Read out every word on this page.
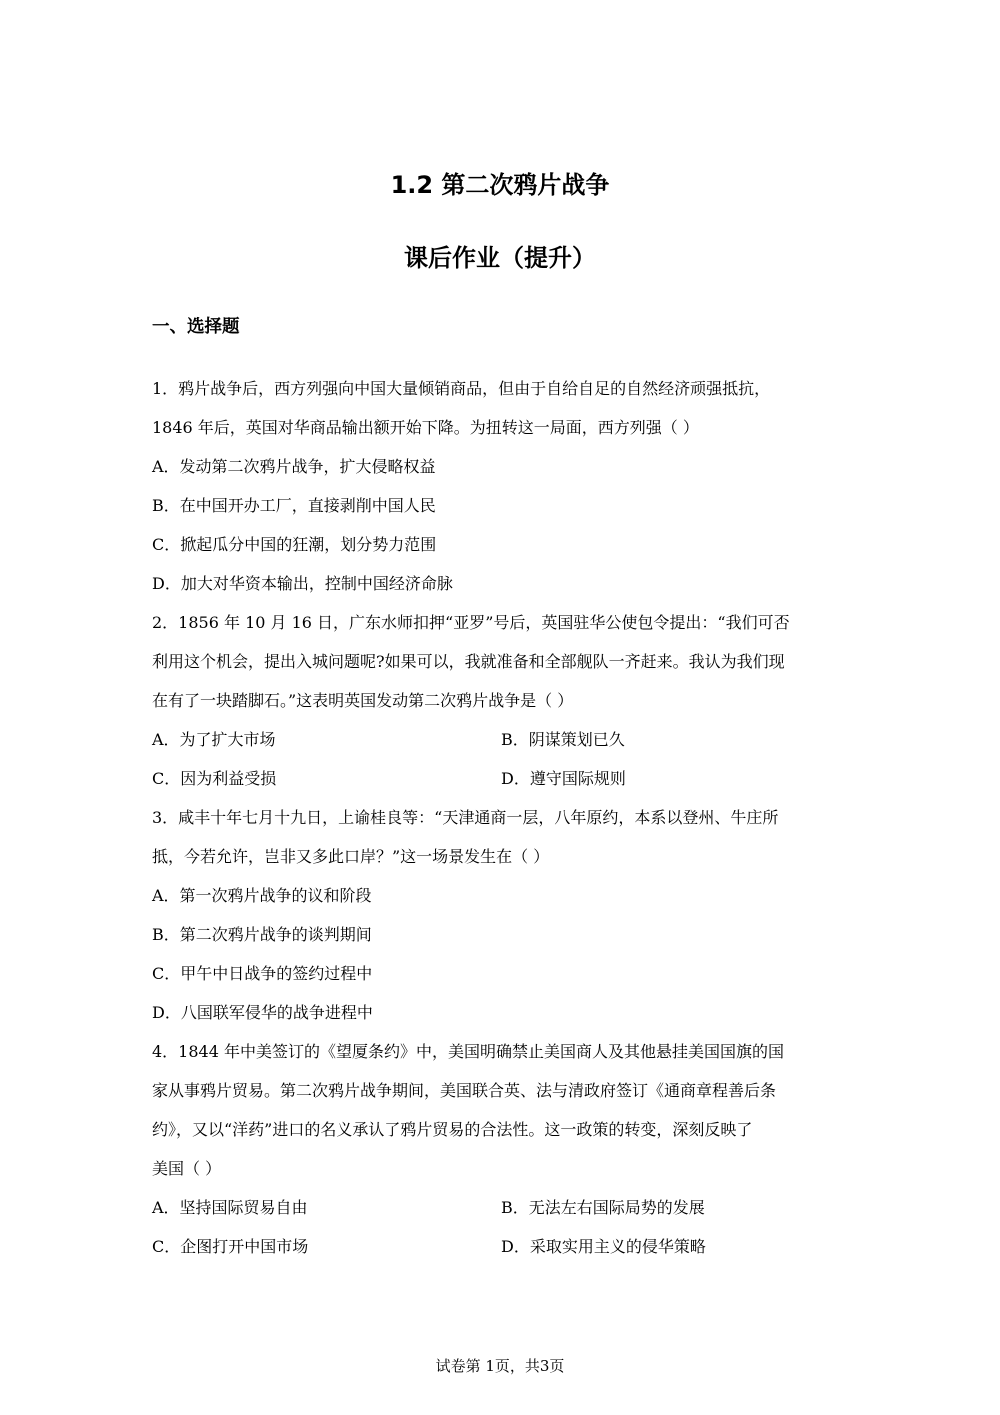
1.2 第二次鸦片战争
课后作业（提升）
一、选择题
1．鸦片战争后，西方列强向中国大量倾销商品，但由于自给自足的自然经济顽强抵抗，
1846 年后，英国对华商品输出额开始下降。为扭转这一局面，西方列强（ ）
A．发动第二次鸦片战争，扩大侵略权益
B．在中国开办工厂，直接剥削中国人民
C．掀起瓜分中国的狂潮，划分势力范围
D．加大对华资本输出，控制中国经济命脉
2．1856 年 10 月 16 日，广东水师扣押“亚罗”号后，英国驻华公使包令提出：“我们可否
利用这个机会，提出入城问题呢?如果可以，我就准备和全部舰队一齐赶来。我认为我们现
在有了一块踏脚石。”这表明英国发动第二次鸦片战争是（ ）
A．为了扩大市场	B．阴谋策划已久
C．因为利益受损	D．遵守国际规则
3．咸丰十年七月十九日，上谕桂良等：“天津通商一层，八年原约，本系以登州、牛庄所
抵，今若允许，岂非又多此口岸？”这一场景发生在（ ）
A．第一次鸦片战争的议和阶段
B．第二次鸦片战争的谈判期间
C．甲午中日战争的签约过程中
D．八国联军侵华的战争进程中
4．1844 年中美签订的《望厦条约》中，美国明确禁止美国商人及其他悬挂美国国旗的国
家从事鸦片贸易。第二次鸦片战争期间，美国联合英、法与清政府签订《通商章程善后条
约》，又以“洋药”进口的名义承认了鸦片贸易的合法性。这一政策的转变，深刻反映了
美国（ ）
A．坚持国际贸易自由	B．无法左右国际局势的发展
C．企图打开中国市场	D．采取实用主义的侵华策略
试卷第 1页，共3页
